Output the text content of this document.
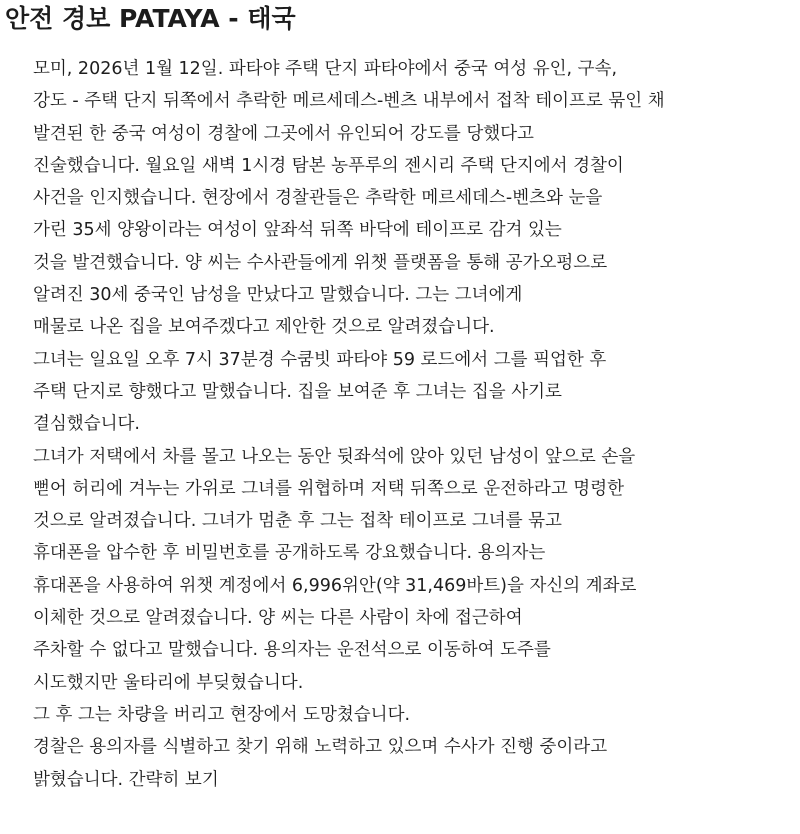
안전 경보 PATAYA - 태국
모미, 2026년 1월 12일. 파타야 주택 단지 파타야에서 중국 여성 유인, 구속,
강도 - 주택 단지 뒤쪽에서 추락한 메르세데스-벤츠 내부에서 접착 테이프로 묶인 채
발견된 한 중국 여성이 경찰에 그곳에서 유인되어 강도를 당했다고
진술했습니다. 월요일 새벽 1시경 탐본 농푸루의 젠시리 주택 단지에서 경찰이
사건을 인지했습니다. 현장에서 경찰관들은 추락한 메르세데스-벤츠와 눈을
가린 35세 양왕이라는 여성이 앞좌석 뒤쪽 바닥에 테이프로 감겨 있는
것을 발견했습니다. 양 씨는 수사관들에게 위챗 플랫폼을 통해 공가오펑으로
알려진 30세 중국인 남성을 만났다고 말했습니다. 그는 그녀에게
매물로 나온 집을 보여주겠다고 제안한 것으로 알려졌습니다.
그녀는 일요일 오후 7시 37분경 수쿰빗 파타야 59 로드에서 그를 픽업한 후
주택 단지로 향했다고 말했습니다. 집을 보여준 후 그녀는 집을 사기로
결심했습니다.
그녀가 저택에서 차를 몰고 나오는 동안 뒷좌석에 앉아 있던 남성이 앞으로 손을
뻗어 허리에 겨누는 가위로 그녀를 위협하며 저택 뒤쪽으로 운전하라고 명령한
것으로 알려졌습니다. 그녀가 멈춘 후 그는 접착 테이프로 그녀를 묶고
휴대폰을 압수한 후 비밀번호를 공개하도록 강요했습니다. 용의자는
휴대폰을 사용하여 위챗 계정에서 6,996위안(약 31,469바트)을 자신의 계좌로
이체한 것으로 알려졌습니다. 양 씨는 다른 사람이 차에 접근하여
주차할 수 없다고 말했습니다. 용의자는 운전석으로 이동하여 도주를
시도했지만 울타리에 부딪혔습니다.
그 후 그는 차량을 버리고 현장에서 도망쳤습니다.
경찰은 용의자를 식별하고 찾기 위해 노력하고 있으며 수사가 진행 중이라고
밝혔습니다. 간략히 보기
